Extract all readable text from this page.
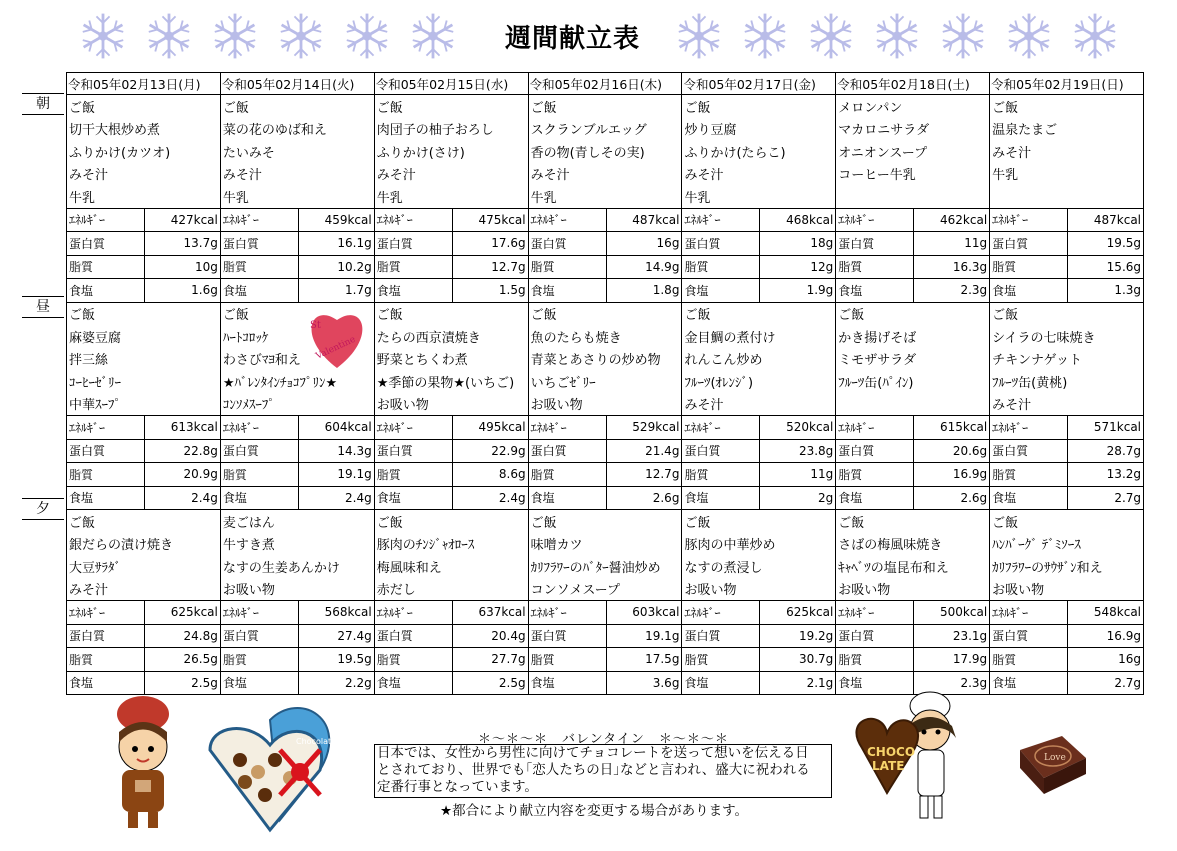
週間献立表
朝
昼
夕
令和05年02月13日(月)		令和05年02月14日(火)		令和05年02月15日(水)		令和05年02月16日(木)		令和05年02月17日(金)		令和05年02月18日(土)		令和05年02月19日(日)	
ご飯		ご飯		ご飯		ご飯		ご飯		メロンパン		ご飯	
切干大根炒め煮		菜の花のゆば和え		肉団子の柚子おろし		スクランブルエッグ		炒り豆腐		マカロニサラダ		温泉たまご	
ふりかけ(カツオ)		たいみそ		ふりかけ(さけ)		香の物(青しその実)		ふりかけ(たらこ)		オニオンスープ		みそ汁	
みそ汁		みそ汁		みそ汁		みそ汁		みそ汁		コーヒー牛乳		牛乳	
牛乳		牛乳		牛乳		牛乳		牛乳					
ｴﾈﾙｷﾞｰ	427kcal	ｴﾈﾙｷﾞｰ	459kcal	ｴﾈﾙｷﾞｰ	475kcal	ｴﾈﾙｷﾞｰ	487kcal	ｴﾈﾙｷﾞｰ	468kcal	ｴﾈﾙｷﾞｰ	462kcal	ｴﾈﾙｷﾞｰ	487kcal
蛋白質	13.7g	蛋白質	16.1g	蛋白質	17.6g	蛋白質	16g	蛋白質	18g	蛋白質	11g	蛋白質	19.5g
脂質	10g	脂質	10.2g	脂質	12.7g	脂質	14.9g	脂質	12g	脂質	16.3g	脂質	15.6g
食塩	1.6g	食塩	1.7g	食塩	1.5g	食塩	1.8g	食塩	1.9g	食塩	2.3g	食塩	1.3g
ご飯		ご飯		ご飯		ご飯		ご飯		ご飯		ご飯	
麻婆豆腐		ﾊｰﾄｺﾛｯｹ		たらの西京漬焼き		魚のたらも焼き		金目鯛の煮付け		かき揚げそば		シイラの七味焼き	
拌三絲		わさびﾏﾖ和え		野菜とちくわ煮		青菜とあさりの炒め物		れんこん炒め		ミモザサラダ		チキンナゲット	
ｺｰﾋｰｾﾞﾘｰ		★ﾊﾞﾚﾝﾀｲﾝﾁｮｺﾌﾟﾘﾝ★		★季節の果物★(いちご)		いちごｾﾞﾘｰ		ﾌﾙｰﾂ(ｵﾚﾝｼﾞ)		ﾌﾙｰﾂ缶(ﾊﾟｲﾝ)		ﾌﾙｰﾂ缶(黄桃)	
中華ｽｰﾌﾟ		ｺﾝｿﾒｽｰﾌﾟ		お吸い物		お吸い物		みそ汁				みそ汁	
ｴﾈﾙｷﾞｰ	613kcal	ｴﾈﾙｷﾞｰ	604kcal	ｴﾈﾙｷﾞｰ	495kcal	ｴﾈﾙｷﾞｰ	529kcal	ｴﾈﾙｷﾞｰ	520kcal	ｴﾈﾙｷﾞｰ	615kcal	ｴﾈﾙｷﾞｰ	571kcal
蛋白質	22.8g	蛋白質	14.3g	蛋白質	22.9g	蛋白質	21.4g	蛋白質	23.8g	蛋白質	20.6g	蛋白質	28.7g
脂質	20.9g	脂質	19.1g	脂質	8.6g	脂質	12.7g	脂質	11g	脂質	16.9g	脂質	13.2g
食塩	2.4g	食塩	2.4g	食塩	2.4g	食塩	2.6g	食塩	2g	食塩	2.6g	食塩	2.7g
ご飯		麦ごはん		ご飯		ご飯		ご飯		ご飯		ご飯	
銀だらの漬け焼き		牛すき煮		豚肉のﾁﾝｼﾞｬｵﾛｰｽ		味噌カツ		豚肉の中華炒め		さばの梅風味焼き		ﾊﾝﾊﾞｰｸﾞ ﾃﾞﾐｿｰｽ	
大豆ｻﾗﾀﾞ		なすの生姜あんかけ		梅風味和え		ｶﾘﾌﾗﾜｰのﾊﾞﾀｰ醤油炒め		なすの煮浸し		ｷｬﾍﾞﾂの塩昆布和え		ｶﾘﾌﾗﾜｰのｻｳｻﾞﾝ和え	
みそ汁		お吸い物		赤だし		コンソメスープ		お吸い物		お吸い物		お吸い物	
ｴﾈﾙｷﾞｰ	625kcal	ｴﾈﾙｷﾞｰ	568kcal	ｴﾈﾙｷﾞｰ	637kcal	ｴﾈﾙｷﾞｰ	603kcal	ｴﾈﾙｷﾞｰ	625kcal	ｴﾈﾙｷﾞｰ	500kcal	ｴﾈﾙｷﾞｰ	548kcal
蛋白質	24.8g	蛋白質	27.4g	蛋白質	20.4g	蛋白質	19.1g	蛋白質	19.2g	蛋白質	23.1g	蛋白質	16.9g
脂質	26.5g	脂質	19.5g	脂質	27.7g	脂質	17.5g	脂質	30.7g	脂質	17.9g	脂質	16g
食塩	2.5g	食塩	2.2g	食塩	2.5g	食塩	3.6g	食塩	2.1g	食塩	2.3g	食塩	2.7g
Chocolate Truffle
St
Valentine
CHOCO
LATE
Love
＊～＊～＊　バレンタイン　＊～＊～＊
日本では、女性から男性に向けてチョコレートを送って想いを伝える日
とされており、世界でも｢恋人たちの日｣などと言われ、盛大に祝われる
定番行事となっています。
★都合により献立内容を変更する場合があります。
